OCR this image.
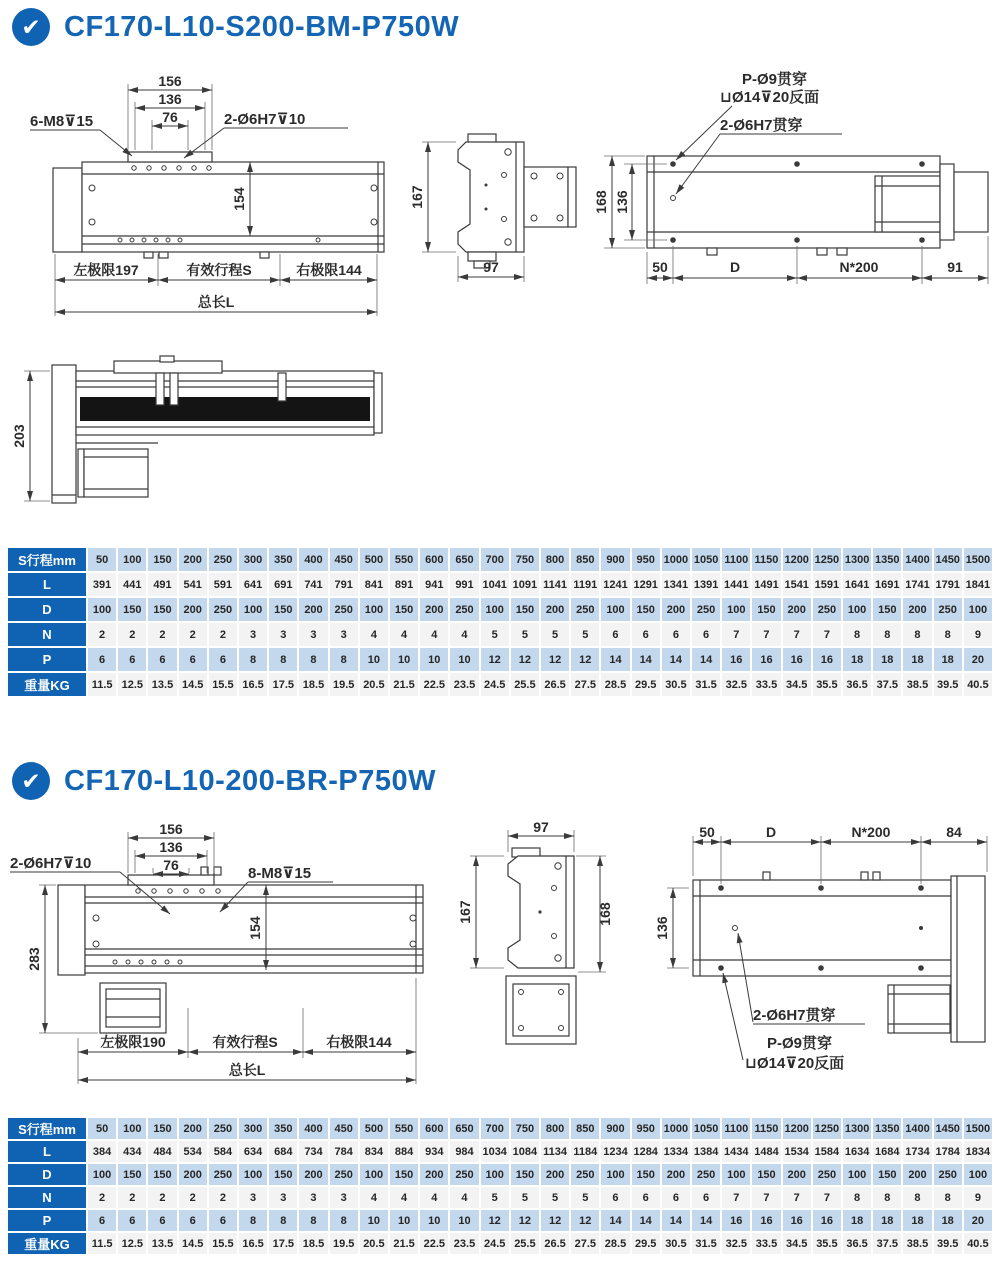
✔ CF170-L10-S200-BM-P750W
156
136
76
6-M8⊽15	2-Ø6H7⊽10
154
左极限197	有效行程S	右极限144
总长L
167
97
P-Ø9贯穿
⊔Ø14⊽20反面
2-Ø6H7贯穿
168 136
50	D	N*200	91
203
S行程mm	50	100	150	200	250	300	350	400	450	500	550	600	650	700	750	800	850	900	950 1000 1050 1100 1150 1200 1250 1300 1350 1400 1450 1500
L	391	441	491	541	591	641	691	741	791	841	891	941	991 1041 1091 1141 1191 1241 1291 1341 1391 1441 1491 1541 1591 1641 1691 1741 1791 1841
D	100	150	150	200	250	100	150	200	250	100	150	200	250	100	150	200	250	100	150	200	250	100	150	200	250	100	150	200	250	100
N	2	2	2	2	2	3	3	3	3	4	4	4	4	5	5	5	5	6	6	6	6	7	7	7	7	8	8	8	8	9
P	6	6	6	6	6	8	8	8	8	10	10	10	10	12	12	12	12	14	14	14	14	16	16	16	16	18	18	18	18	20
重量KG	11.5 12.5 13.5 14.5 15.5 16.5 17.5 18.5 19.5 20.5 21.5 22.5 23.5 24.5 25.5 26.5 27.5 28.5 29.5 30.5 31.5 32.5 33.5 34.5 35.5 36.5 37.5 38.5 39.5 40.5
✔ CF170-L10-200-BR-P750W
156
136
76
2-Ø6H7⊽10
8-M8⊽15
283
154
左极限190	有效行程S	右极限144
总长L
97
167	168
50	D	N*200	84
136
2-Ø6H7贯穿
P-Ø9贯穿
⊔Ø14⊽20反面
S行程mm	50	100	150	200	250	300	350	400	450	500	550	600	650	700	750	800	850	900	950 1000 1050 1100 1150 1200 1250 1300 1350 1400 1450 1500
L	384	434	484	534	584	634	684	734	784	834	884	934	984 1034 1084 1134 1184 1234 1284 1334 1384 1434 1484 1534 1584 1634 1684 1734 1784 1834
D	100	150	150	200	250	100	150	200	250	100	150	200	250	100	150	200	250	100	150	200	250	100	150	200	250	100	150	200	250	100
N	2	2	2	2	2	3	3	3	3	4	4	4	4	5	5	5	5	6	6	6	6	7	7	7	7	8	8	8	8	9
P	6	6	6	6	6	8	8	8	8	10	10	10	10	12	12	12	12	14	14	14	14	16	16	16	16	18	18	18	18	20
重量KG	11.5 12.5 13.5 14.5 15.5 16.5 17.5 18.5 19.5 20.5 21.5 22.5 23.5 24.5 25.5 26.5 27.5 28.5 29.5 30.5 31.5 32.5 33.5 34.5 35.5 36.5 37.5 38.5 39.5 40.5
